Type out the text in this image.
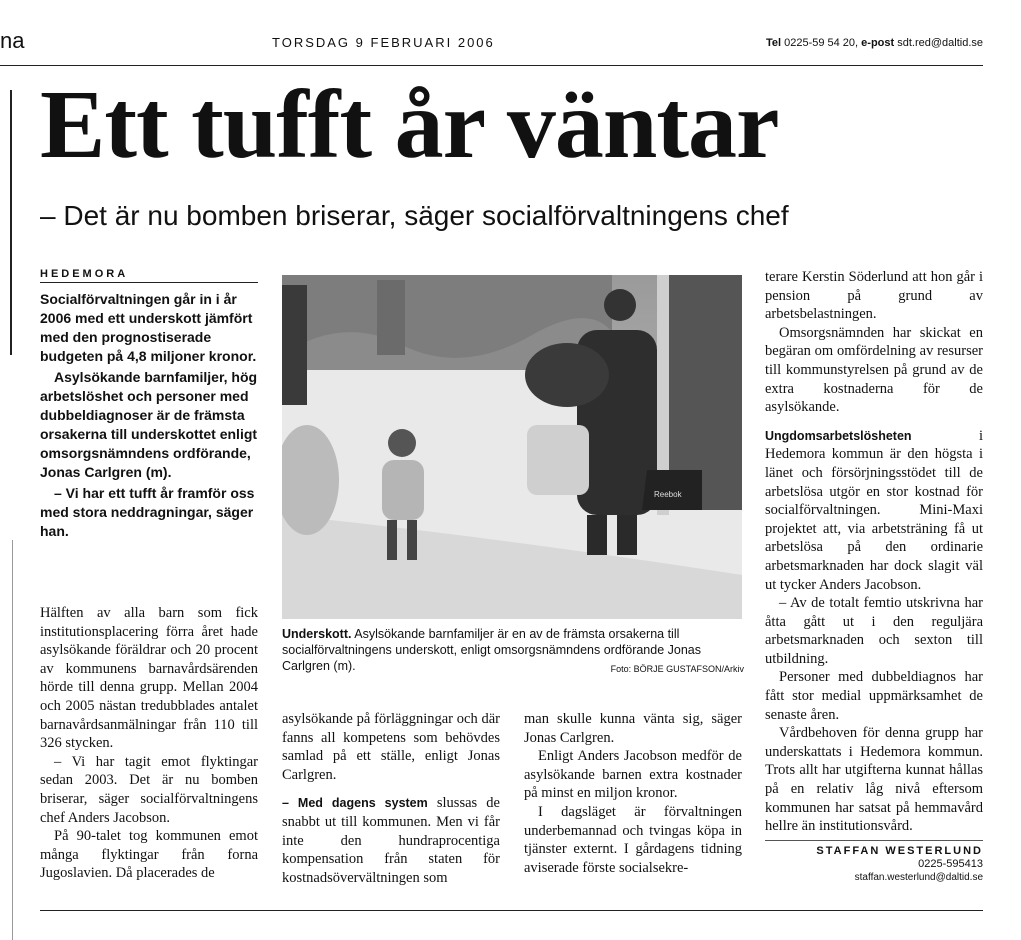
na	TORSDAG 9 FEBRUARI 2006	Tel 0225-59 54 20, e-post sdt.red@daltid.se
Ett tufft år väntar
– Det är nu bomben briserar, säger socialförvaltningens chef
HEDEMORA

Socialförvaltningen går in i år 2006 med ett underskott jämfört med den prognostiserade budgeten på 4,8 miljoner kronor.

Asylsökande barnfamiljer, hög arbetslöshet och personer med dubbeldiagnoser är de främsta orsakerna till underskottet enligt omsorgsnämndens ordförande, Jonas Carlgren (m).

– Vi har ett tufft år framför oss med stora neddragningar, säger han.

Reebok
Underskott. Asylsökande barnfamiljer är en av de främsta orsakerna till socialförvaltningens underskott, enligt omsorgsnämndens ordförande Jonas Carlgren (m).	Foto: BÖRJE GUSTAFSON/Arkiv

Hälften av alla barn som fick institutionsplacering förra året hade asylsökande föräldrar och 20 procent av kommunens barnavårdsärenden hörde till denna grupp. Mellan 2004 och 2005 nästan tredubblades antalet barnavårdsanmälningar från 110 till 326 stycken.

– Vi har tagit emot flyktingar sedan 2003. Det är nu bomben briserar, säger socialförvaltningens chef Anders Jacobson.

På 90-talet tog kommunen emot många flyktingar från forna Jugoslavien. Då placerades de

asylsökande på förläggningar och där fanns all kompetens som behövdes samlad på ett ställe, enligt Jonas Carlgren.

– Med dagens system slussas de snabbt ut till kommunen. Men vi får inte den hundraprocentiga kompensation från staten för kostnadsövervältningen som

man skulle kunna vänta sig, säger Jonas Carlgren.

Enligt Anders Jacobson medför de asylsökande barnen extra kostnader på minst en miljon kronor.

I dagsläget är förvaltningen underbemannad och tvingas köpa in tjänster externt. I gårdagens tidning aviserade förste socialsekre-

terare Kerstin Söderlund att hon går i pension på grund av arbetsbelastningen.

Omsorgsnämnden har skickat en begäran om omfördelning av resurser till kommunstyrelsen på grund av de extra kostnaderna för de asylsökande.

Ungdomsarbetslösheten i Hedemora kommun är den högsta i länet och försörjningsstödet till de arbetslösa utgör en stor kostnad för socialförvaltningen. Mini-Maxi projektet att, via arbetsträning få ut arbetslösa på den ordinarie arbetsmarknaden har dock slagit väl ut tycker Anders Jacobson.

– Av de totalt femtio utskrivna har åtta gått ut i den reguljära arbetsmarknaden och sexton till utbildning.

Personer med dubbeldiagnos har fått stor medial uppmärksamhet de senaste åren.

Vårdbehoven för denna grupp har underskattats i Hedemora kommun. Trots allt har utgifterna kunnat hållas på en relativ låg nivå eftersom kommunen har satsat på hemmavård hellre än institutionsvård.

STAFFAN WESTERLUND
0225-595413
staffan.westerlund@daltid.se
